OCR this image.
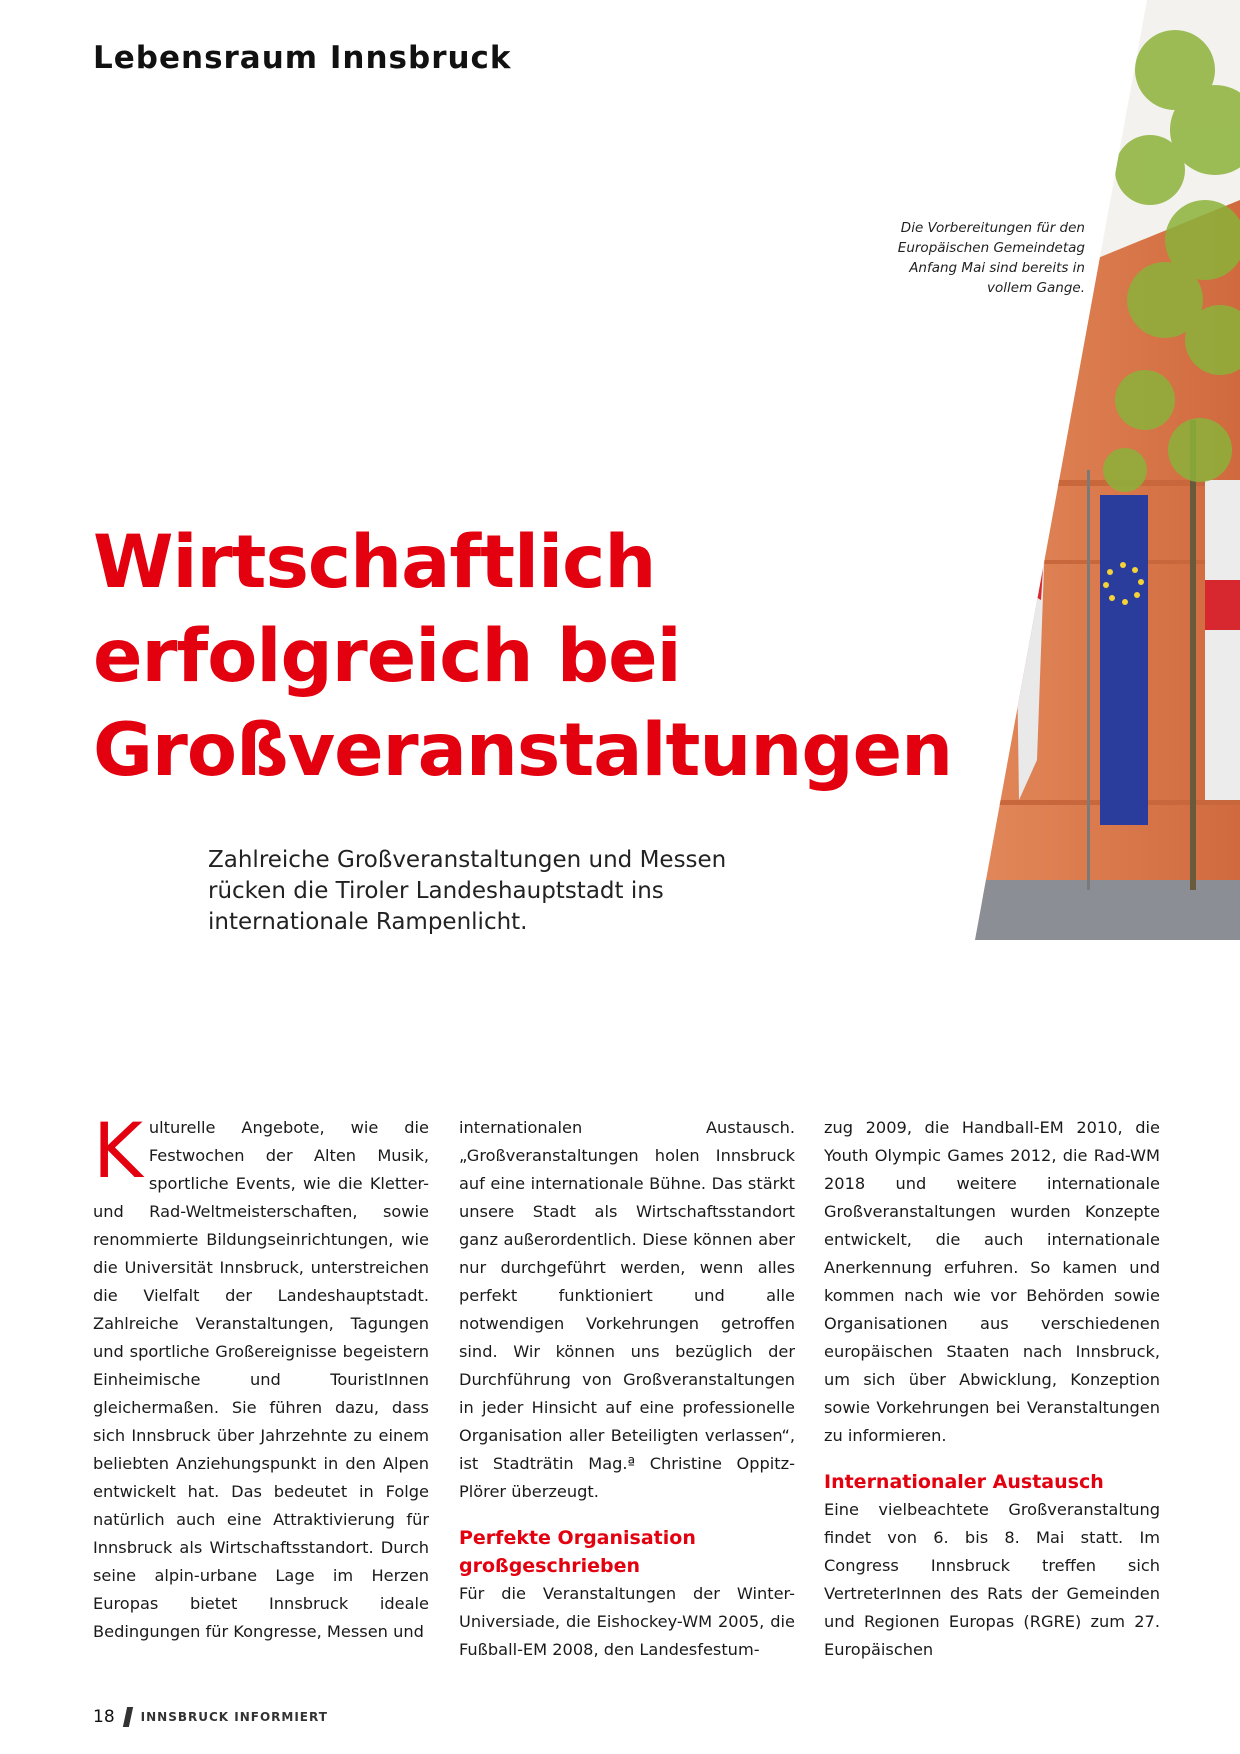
Lebensraum Innsbruck
Die Vorbereitungen für den Europäischen Gemeindetag Anfang Mai sind bereits in vollem Gange.
Wirtschaftlich
erfolgreich bei
Großveranstaltungen

Zahlreiche Großveranstaltungen und Messen rücken die Tiroler Landeshauptstadt ins internationale Rampenlicht.

K ulturelle Angebote, wie die Festwochen der Alten Musik, sportliche Events, wie die Kletter- und Rad-Weltmeisterschaften, sowie renommierte Bildungseinrichtungen, wie die Universität Innsbruck, unterstreichen die Vielfalt der Landeshauptstadt. Zahlreiche Veranstaltungen, Tagungen und sportliche Großereignisse begeistern Einheimische und TouristInnen gleichermaßen. Sie führen dazu, dass sich Innsbruck über Jahrzehnte zu einem beliebten Anziehungspunkt in den Alpen entwickelt hat. Das bedeutet in Folge natürlich auch eine Attraktivierung für Innsbruck als Wirtschaftsstandort. Durch seine alpin-urbane Lage im Herzen Europas bietet Innsbruck ideale Bedingungen für Kongresse, Messen und

internationalen Austausch. „Großveranstaltungen holen Innsbruck auf eine internationale Bühne. Das stärkt unsere Stadt als Wirtschaftsstandort ganz außerordentlich. Diese können aber nur durchgeführt werden, wenn alles perfekt funktioniert und alle notwendigen Vorkehrungen getroffen sind. Wir können uns bezüglich der Durchführung von Großveranstaltungen in jeder Hinsicht auf eine professionelle Organisation aller Beteiligten verlassen“, ist Stadträtin Mag.ª Christine Oppitz-Plörer überzeugt.

Perfekte Organisation großgeschrieben

Für die Veranstaltungen der Winter-Universiade, die Eishockey-WM 2005, die Fußball-EM 2008, den Landesfestum-

zug 2009, die Handball-EM 2010, die Youth Olympic Games 2012, die Rad-WM 2018 und weitere internationale Großveranstaltungen wurden Konzepte entwickelt, die auch internationale Anerkennung erfuhren. So kamen und kommen nach wie vor Behörden sowie Organisationen aus verschiedenen europäischen Staaten nach Innsbruck, um sich über Abwicklung, Konzeption sowie Vorkehrungen bei Veranstaltungen zu informieren.

Internationaler Austausch

Eine vielbeachtete Großveranstaltung findet von 6. bis 8. Mai statt. Im Congress Innsbruck treffen sich VertreterInnen des Rats der Gemeinden und Regionen Europas (RGRE) zum 27. Europäischen

18 INNSBRUCK INFORMIERT
